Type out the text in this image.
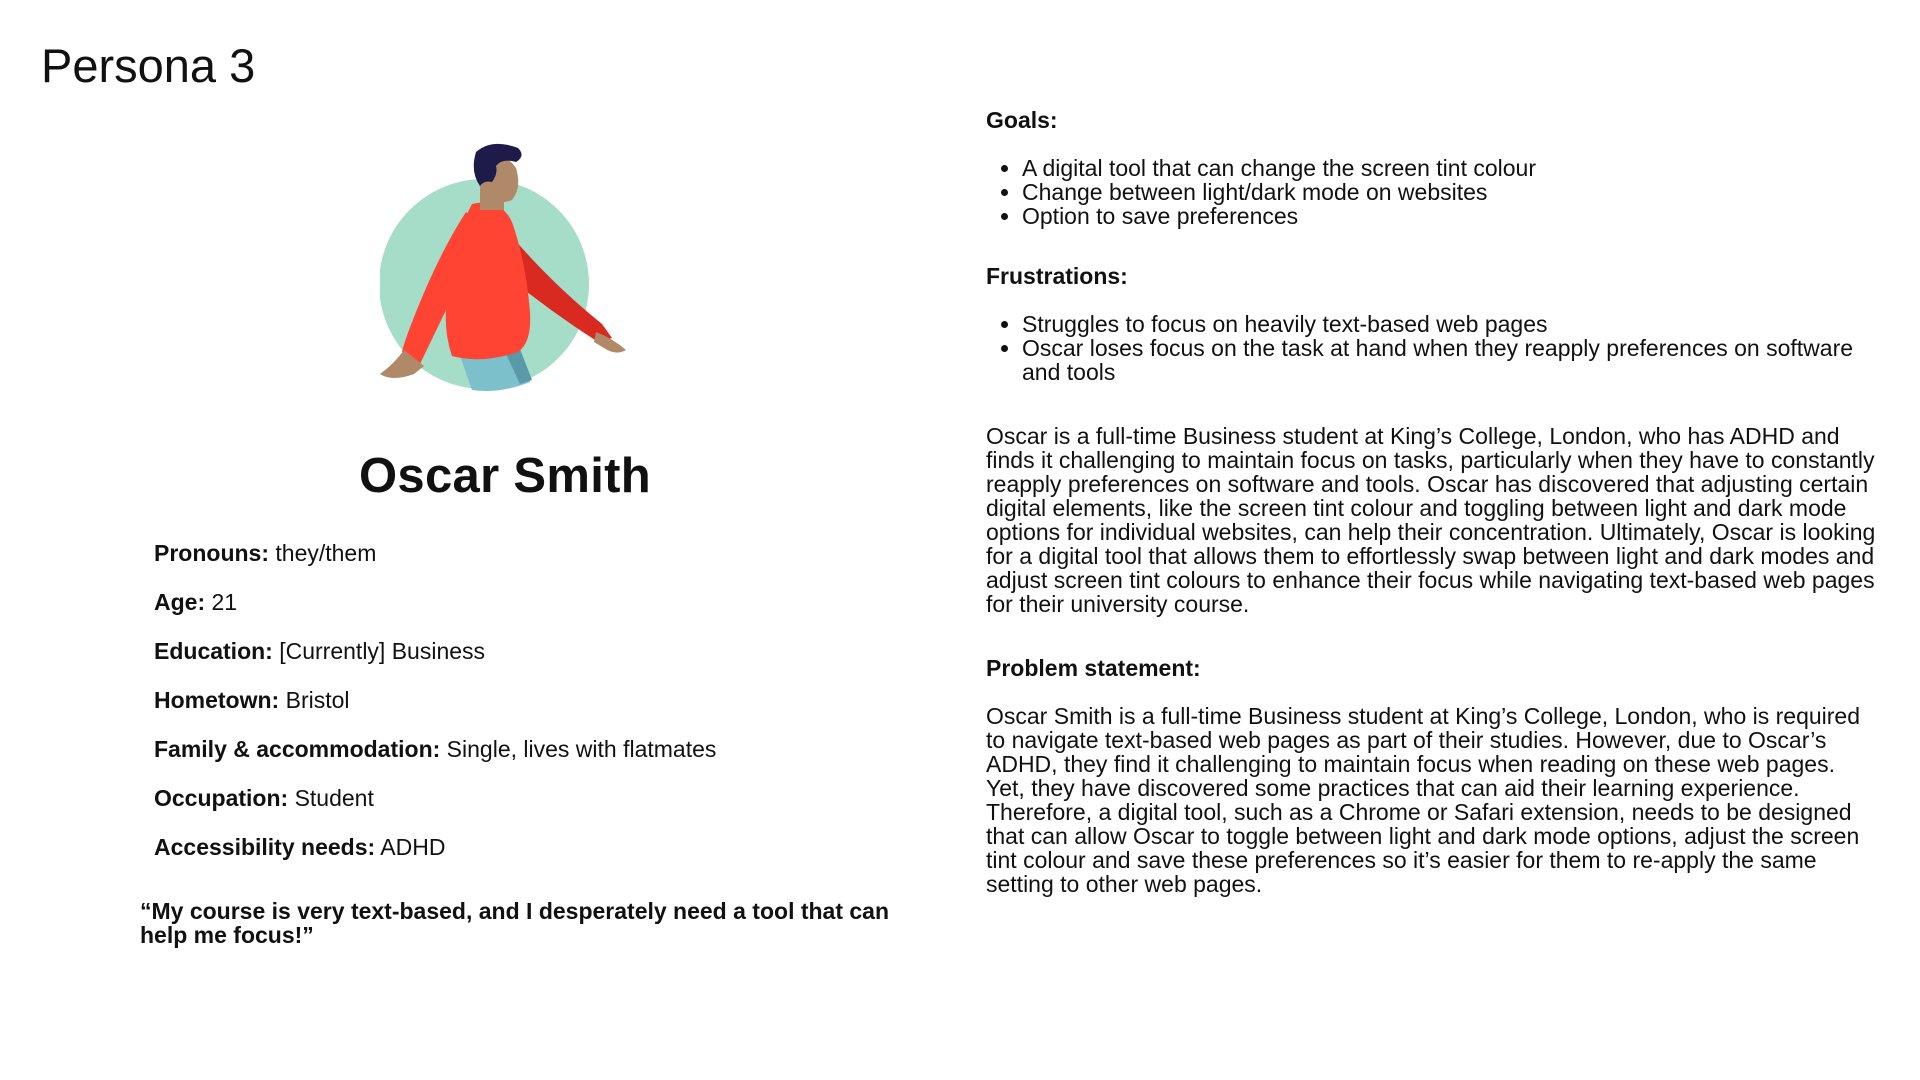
Persona 3
Oscar Smith
Pronouns: they/them
Age: 21
Education: [Currently] Business
Hometown: Bristol
Family & accommodation: Single, lives with flatmates
Occupation: Student
Accessibility needs: ADHD
“My course is very text-based, and I desperately need a tool that can help me focus!”

Goals:

• A digital tool that can change the screen tint colour
• Change between light/dark mode on websites
• Option to save preferences

Frustrations:

• Struggles to focus on heavily text-based web pages
• Oscar loses focus on the task at hand when they reapply preferences on software and tools

Oscar is a full-time Business student at King’s College, London, who has ADHD and finds it challenging to maintain focus on tasks, particularly when they have to constantly reapply preferences on software and tools. Oscar has discovered that adjusting certain digital elements, like the screen tint colour and toggling between light and dark mode options for individual websites, can help their concentration. Ultimately, Oscar is looking for a digital tool that allows them to effortlessly swap between light and dark modes and adjust screen tint colours to enhance their focus while navigating text-based web pages for their university course.

Problem statement:

Oscar Smith is a full-time Business student at King’s College, London, who is required to navigate text-based web pages as part of their studies. However, due to Oscar’s ADHD, they find it challenging to maintain focus when reading on these web pages. Yet, they have discovered some practices that can aid their learning experience. Therefore, a digital tool, such as a Chrome or Safari extension, needs to be designed that can allow Oscar to toggle between light and dark mode options, adjust the screen tint colour and save these preferences so it’s easier for them to re-apply the same setting to other web pages.
